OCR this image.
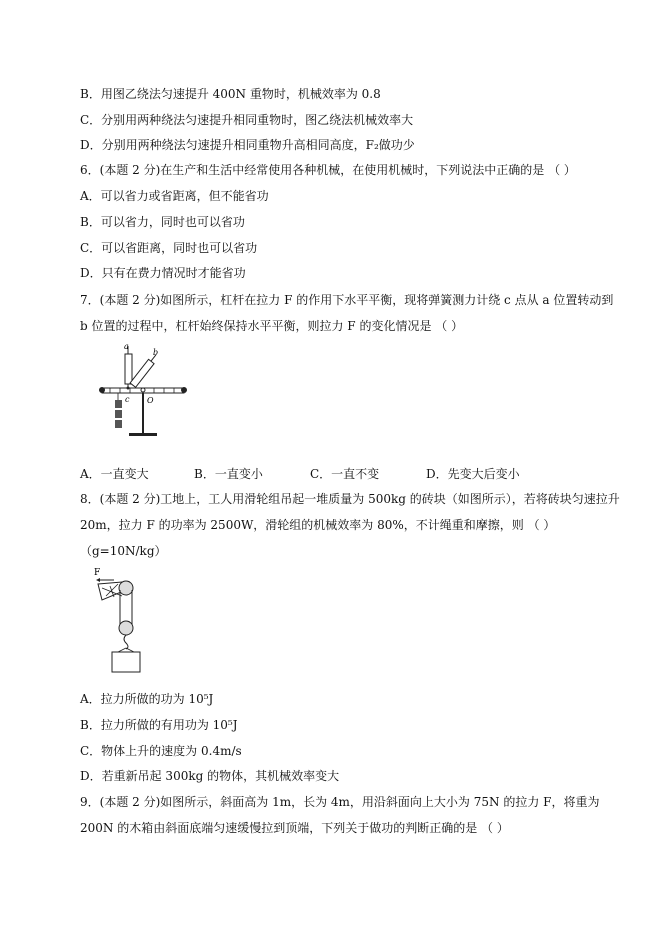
B．用图乙绕法匀速提升 400N 重物时，机械效率为 0.8
C．分别用两种绕法匀速提升相同重物时，图乙绕法机械效率大
D．分别用两种绕法匀速提升相同重物升高相同高度，F₂做功少
6．(本题 2 分)在生产和生活中经常使用各种机械，在使用机械时，下列说法中正确的是 （ ）
A．可以省力或省距离，但不能省功
B．可以省力，同时也可以省功
C．可以省距离，同时也可以省功
D．只有在费力情况时才能省功
7．(本题 2 分)如图所示，杠杆在拉力 F 的作用下水平平衡，现将弹簧测力计绕 c 点从 a 位置转动到
b 位置的过程中，杠杆始终保持水平平衡，则拉力 F 的变化情况是 （ ）
a
b
c O
A．一直变大	B．一直变小	C．一直不变	D．先变大后变小
8．(本题 2 分)工地上，工人用滑轮组吊起一堆质量为 500kg 的砖块（如图所示），若将砖块匀速拉升
20m，拉力 F 的功率为 2500W，滑轮组的机械效率为 80%，不计绳重和摩擦，则 （ ）
（g=10N/kg）
F
A．拉力所做的功为 10⁵J
B．拉力所做的有用功为 10⁵J
C．物体上升的速度为 0.4m/s
D．若重新吊起 300kg 的物体，其机械效率变大
9．(本题 2 分)如图所示，斜面高为 1m，长为 4m，用沿斜面向上大小为 75N 的拉力 F，将重为
200N 的木箱由斜面底端匀速缓慢拉到顶端，下列关于做功的判断正确的是 （ ）
